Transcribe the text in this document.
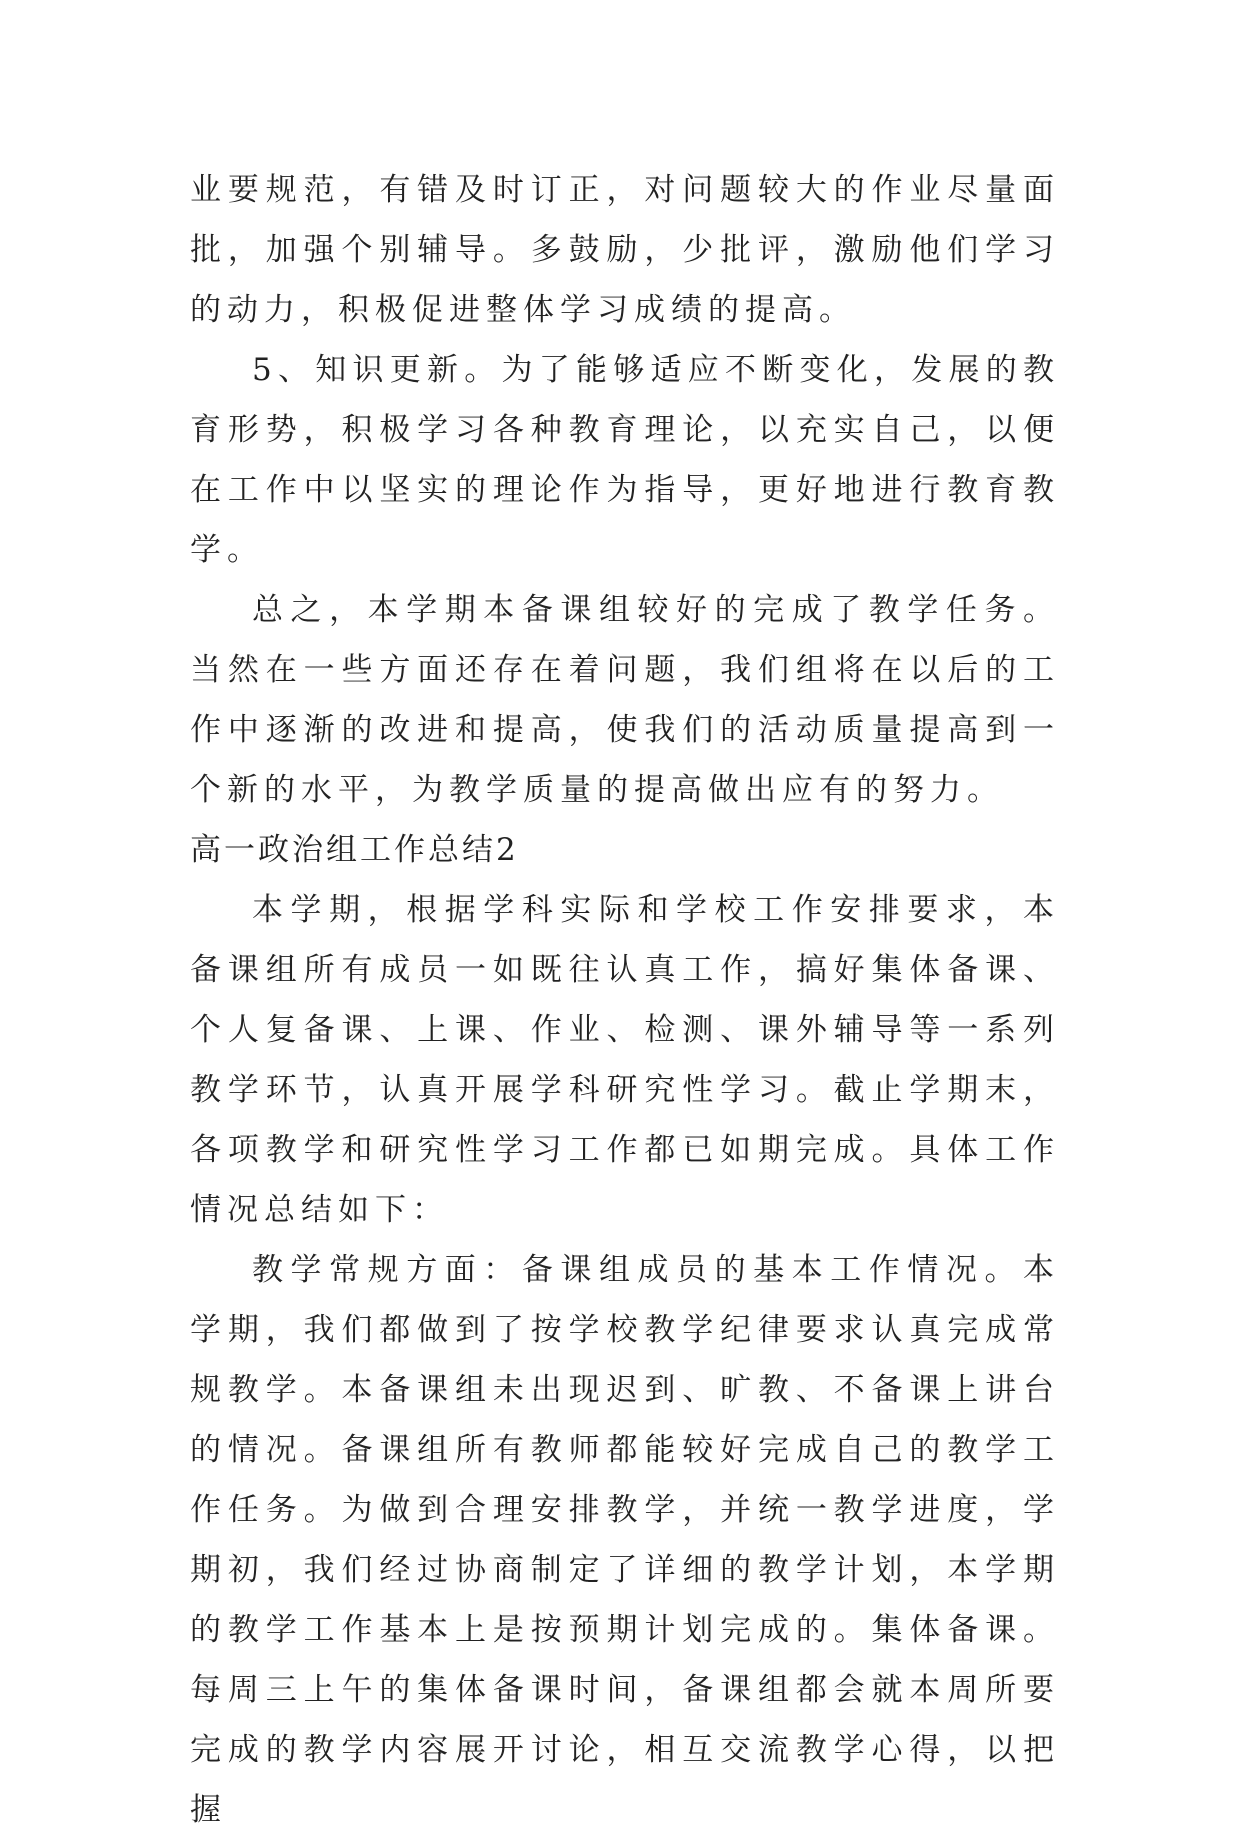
业要规范，有错及时订正，对问题较大的作业尽量面批，加强个别辅导。多鼓励，少批评，激励他们学习的动力，积极促进整体学习成绩的提高。

5、知识更新。为了能够适应不断变化，发展的教育形势，积极学习各种教育理论，以充实自己，以便在工作中以坚实的理论作为指导，更好地进行教育教学。

总之，本学期本备课组较好的完成了教学任务。当然在一些方面还存在着问题，我们组将在以后的工作中逐渐的改进和提高，使我们的活动质量提高到一个新的水平，为教学质量的提高做出应有的努力。

高一政治组工作总结2

本学期，根据学科实际和学校工作安排要求，本备课组所有成员一如既往认真工作，搞好集体备课、个人复备课、上课、作业、检测、课外辅导等一系列教学环节，认真开展学科研究性学习。截止学期末，各项教学和研究性学习工作都已如期完成。具体工作情况总结如下：

教学常规方面：备课组成员的基本工作情况。本学期，我们都做到了按学校教学纪律要求认真完成常规教学。本备课组未出现迟到、旷教、不备课上讲台的情况。备课组所有教师都能较好完成自己的教学工作任务。为做到合理安排教学，并统一教学进度，学期初，我们经过协商制定了详细的教学计划，本学期的教学工作基本上是按预期计划完成的。集体备课。每周三上午的集体备课时间，备课组都会就本周所要完成的教学内容展开讨论，相互交流教学心得，以把握
